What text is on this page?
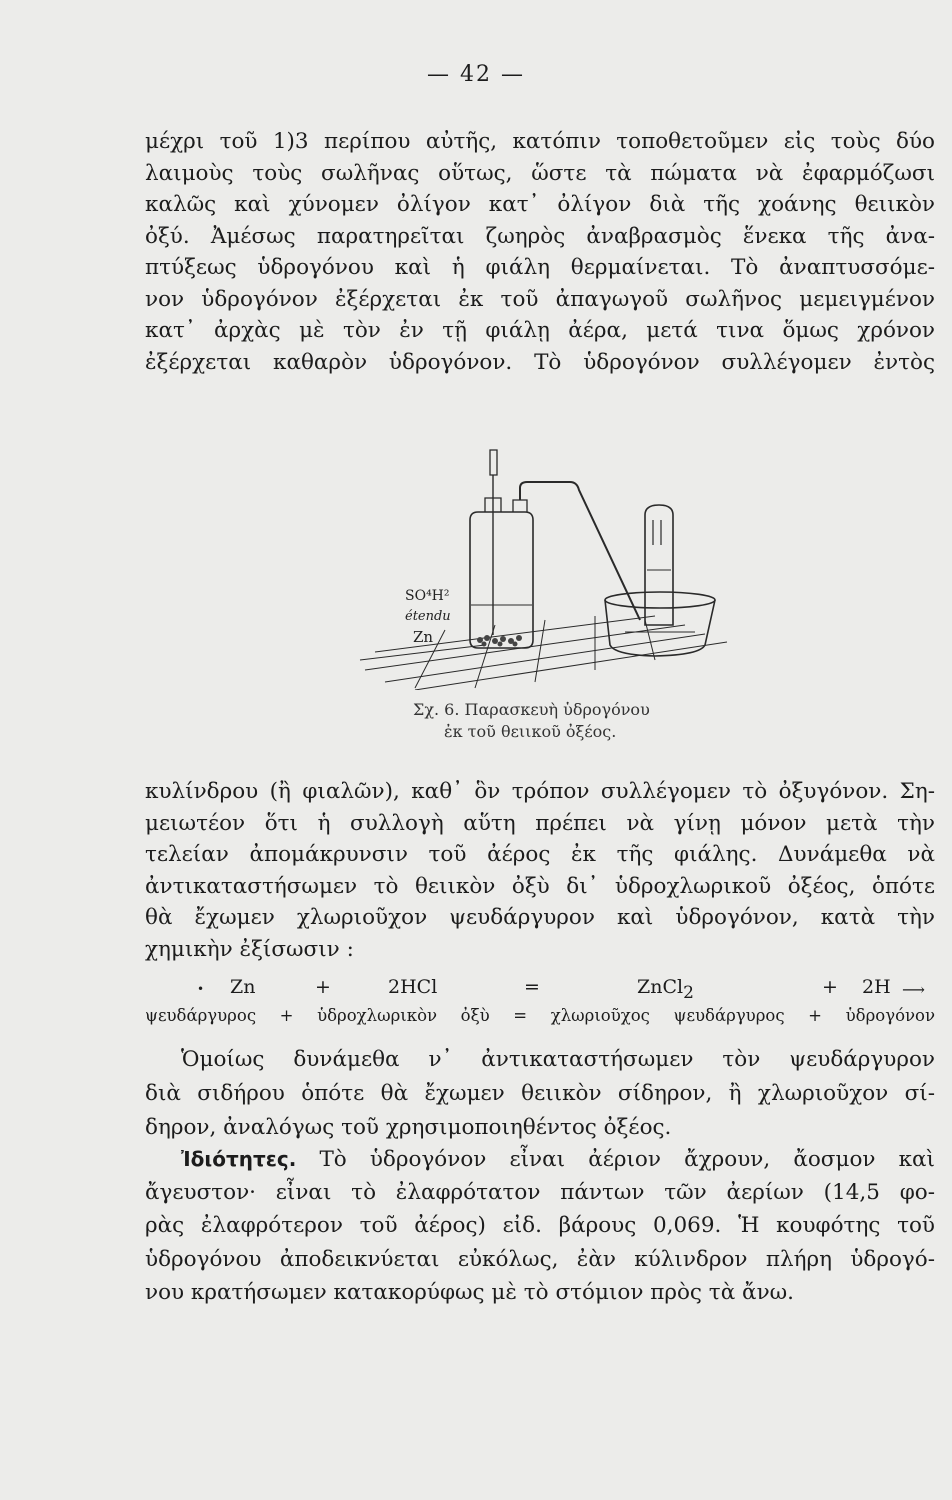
— 42 —
μέχρι τοῦ 1)3 περίπου αὐτῆς, κατόπιν τοποθετοῦμεν εἰς τοὺς δύο
λαιμοὺς τοὺς σωλῆνας οὕτως, ὥστε τὰ πώματα νὰ ἐφαρμόζωσι
καλῶς καὶ χύνομεν ὀλίγον κατ᾽ ὀλίγον διὰ τῆς χοάνης θειικὸν
ὀξύ. Ἀμέσως παρατηρεῖται ζωηρὸς ἀναβρασμὸς ἕνεκα τῆς ἀνα-
πτύξεως ὑδρογόνου καὶ ἡ φιάλη θερμαίνεται. Τὸ ἀναπτυσσόμε-
νον ὑδρογόνον ἐξέρχεται ἐκ τοῦ ἀπαγωγοῦ σωλῆνος μεμειγμένον
κατ᾽ ἀρχὰς μὲ τὸν ἐν τῇ φιάλῃ ἀέρα, μετά τινα ὅμως χρόνον
ἐξέρχεται καθαρὸν ὑδρογόνον. Τὸ ὑδρογόνον συλλέγομεν ἐντὸς
SO⁴H²
étendu
Zn
Σχ. 6. Παρασκευὴ ὑδρογόνου
ἐκ τοῦ θειικοῦ ὀξέος.
κυλίνδρου (ἢ φιαλῶν), καθ᾽ ὃν τρόπον συλλέγομεν τὸ ὀξυγόνον. Ση-
μειωτέον ὅτι ἡ συλλογὴ αὕτη πρέπει νὰ γίνῃ μόνον μετὰ τὴν
τελείαν ἀπομάκρυνσιν τοῦ ἀέρος ἐκ τῆς φιάλης. Δυνάμεθα νὰ
ἀντικαταστήσωμεν τὸ θειικὸν ὀξὺ δι᾽ ὑδροχλωρικοῦ ὀξέος, ὁπότε
θὰ ἔχωμεν χλωριοῦχον ψευδάργυρον καὶ ὑδρογόνον, κατὰ τὴν
χημικὴν ἐξίσωσιν :
• Zn	+	2HCl	=	ZnCl2	+ 2H ⟶
ψευδάργυρος + ὑδροχλωρικὸν ὀξὺ = χλωριοῦχος ψευδάργυρος + ὑδρογόνον
Ὁμοίως δυνάμεθα ν᾽ ἀντικαταστήσωμεν τὸν ψευδάργυρον
διὰ σιδήρου ὁπότε θὰ ἔχωμεν θειικὸν σίδηρον, ἢ χλωριοῦχον σί-
δηρον, ἀναλόγως τοῦ χρησιμοποιηθέντος ὀξέος.
Ἰδιότητες. Τὸ ὑδρογόνον εἶναι ἀέριον ἄχρουν, ἄοσμον καὶ
ἄγευστον· εἶναι τὸ ἐλαφρότατον πάντων τῶν ἀερίων (14,5 φο-
ρὰς ἐλαφρότερον τοῦ ἀέρος) εἰδ. βάρους 0,069. Ἡ κουφότης τοῦ
ὑδρογόνου ἀποδεικνύεται εὐκόλως, ἐὰν κύλινδρον πλήρη ὑδρογό-
νου κρατήσωμεν κατακορύφως μὲ τὸ στόμιον πρὸς τὰ ἄνω.
